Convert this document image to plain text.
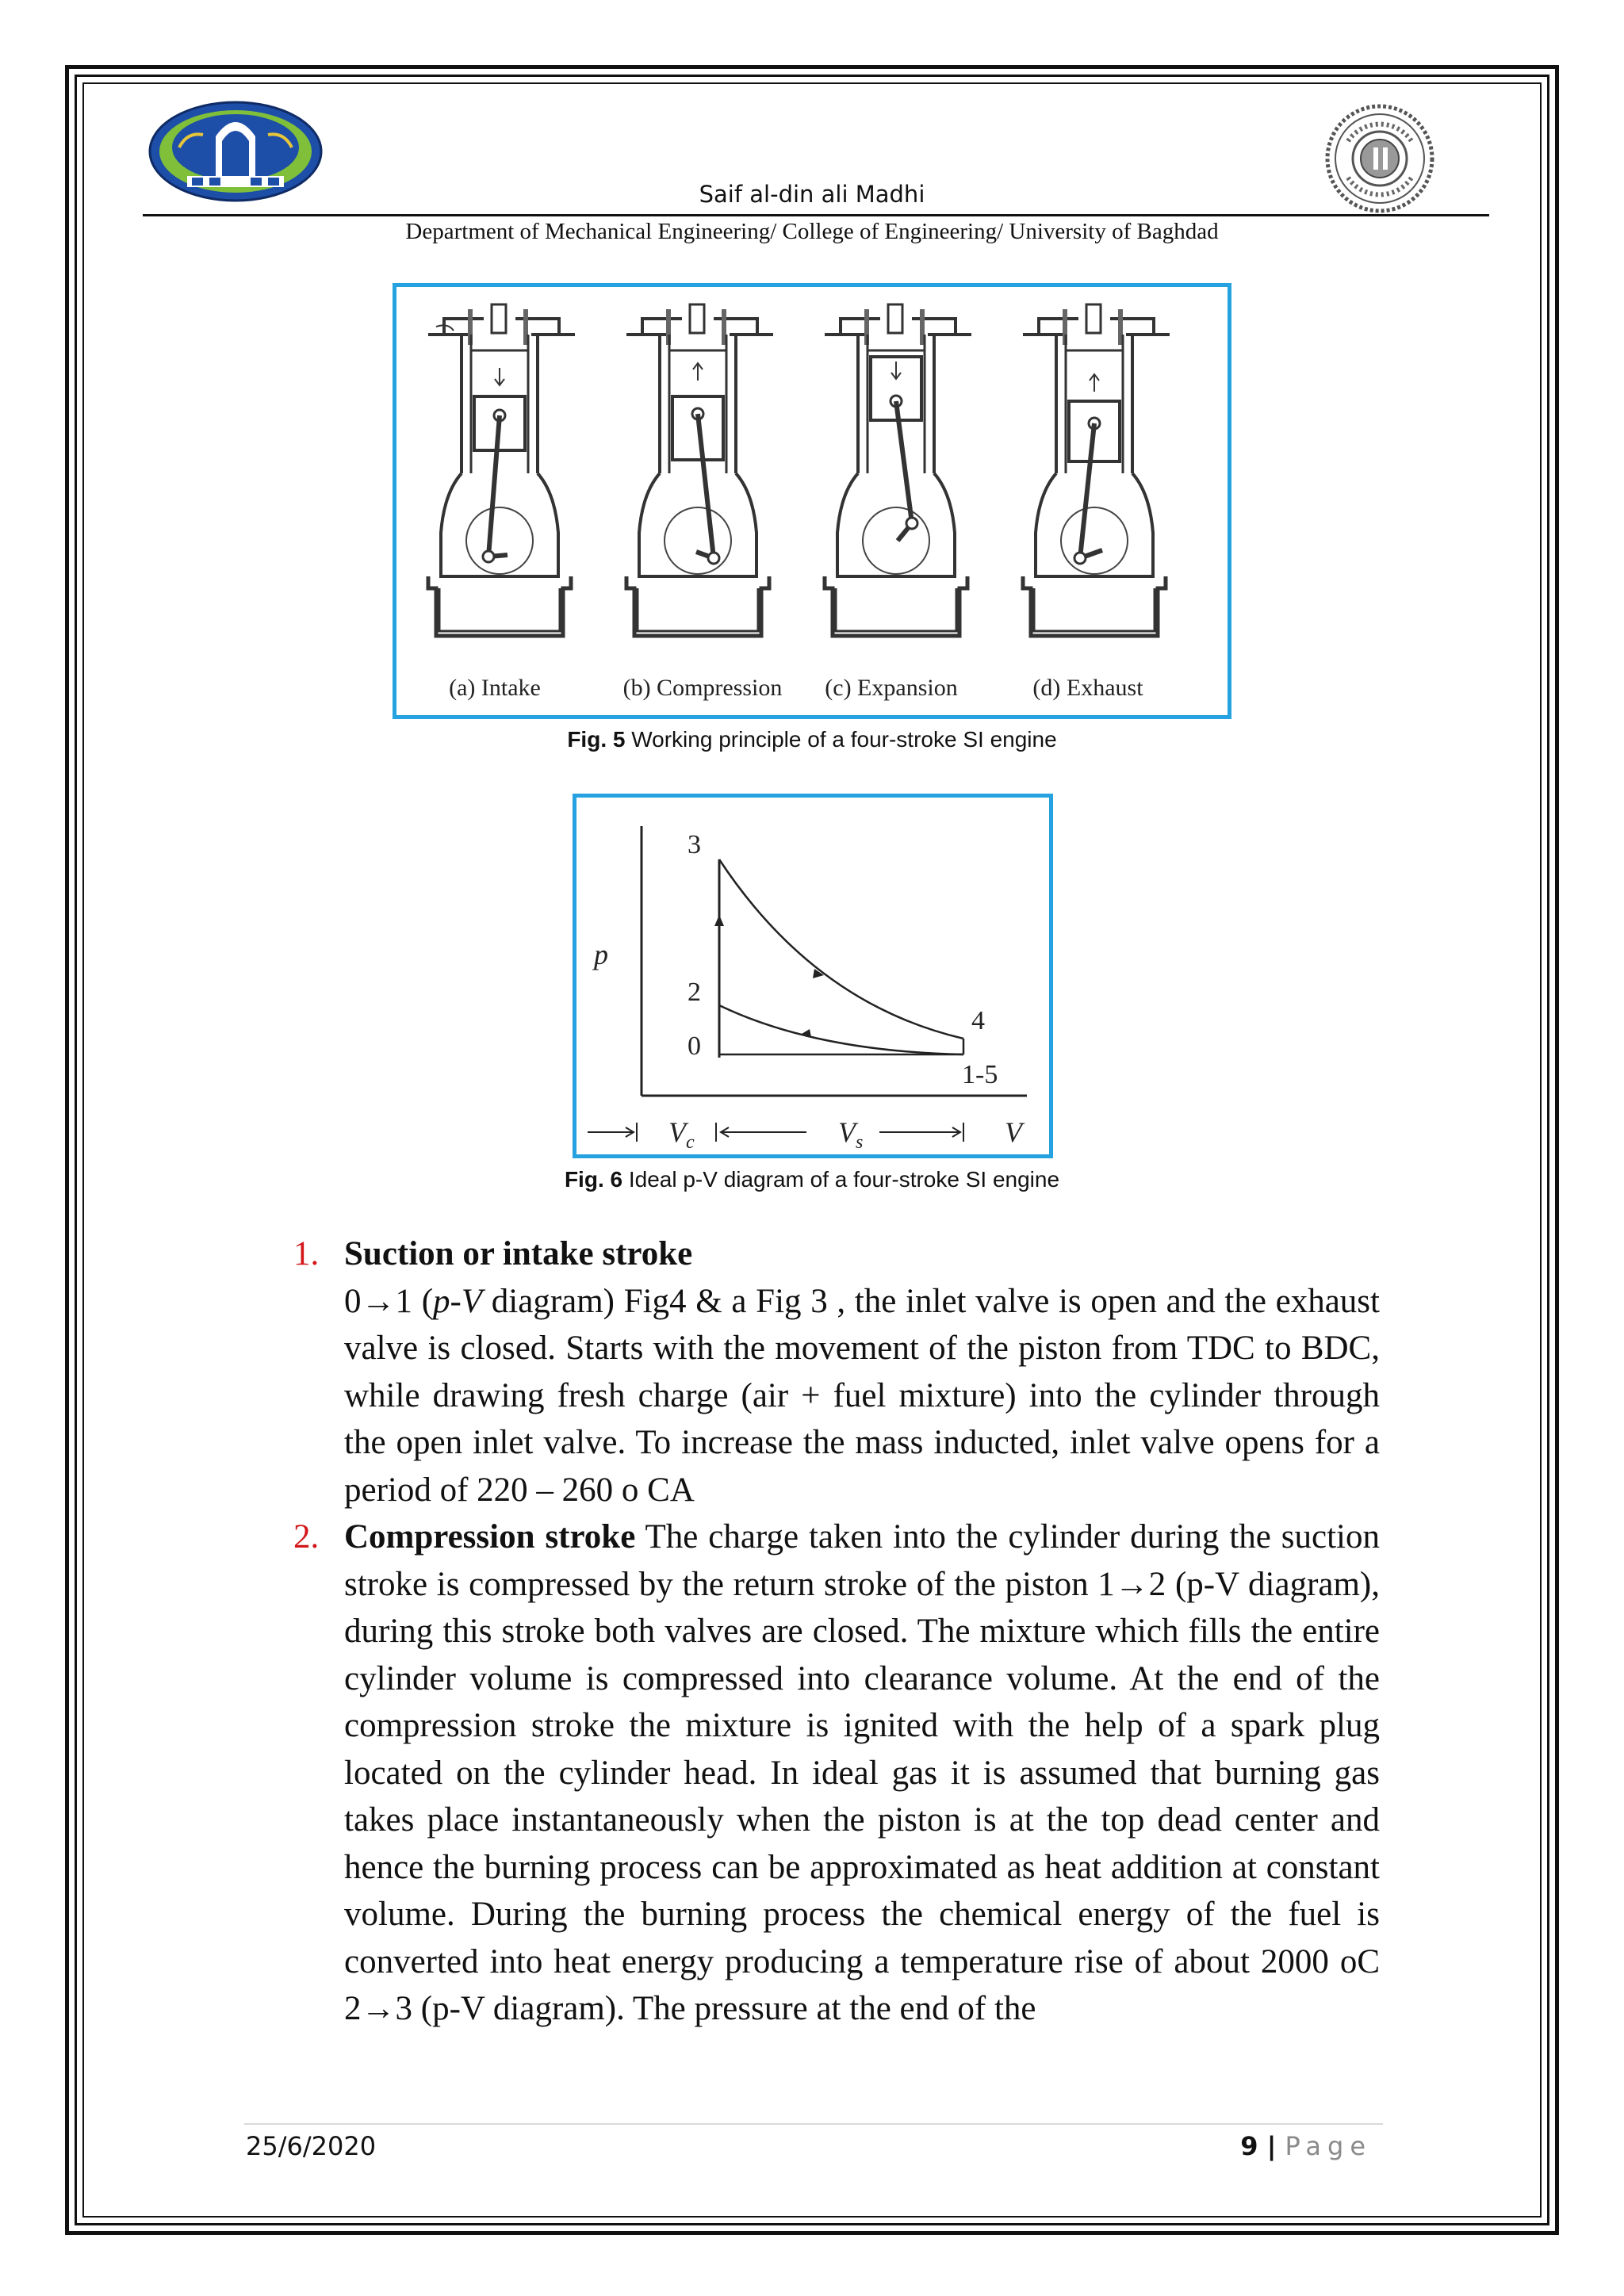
Saif al-din ali Madhi
Department of Mechanical Engineering/ College of Engineering/ University of Baghdad
(a) Intake	(b) Compression (c) Expansion	(d) Exhaust
Fig. 5 Working principle of a four-stroke SI engine
p
3
2
0
4
1-5
$V_c$	$V_s$	V
Fig. 6 Ideal p-V diagram of a four-stroke SI engine
1. Suction or intake stroke
0→1 (p-V diagram) Fig4 & a Fig 3 , the inlet valve is open and the exhaust valve is closed. Starts with the movement of the piston from TDC to BDC, while drawing fresh charge (air + fuel mixture) into the cylinder through the open inlet valve. To increase the mass inducted, inlet valve opens for a period of 220 – 260 o CA
2. Compression stroke The charge taken into the cylinder during the suction stroke is compressed by the return stroke of the piston 1→2 (p-V diagram), during this stroke both valves are closed. The mixture which fills the entire cylinder volume is compressed into clearance volume. At the end of the compression stroke the mixture is ignited with the help of a spark plug located on the cylinder head. In ideal gas it is assumed that burning gas takes place instantaneously when the piston is at the top dead center and hence the burning process can be approximated as heat addition at constant volume. During the burning process the chemical energy of the fuel is converted into heat energy producing a temperature rise of about 2000 oC 2→3 (p-V diagram). The pressure at the end of the
25/6/2020	9 | Page
